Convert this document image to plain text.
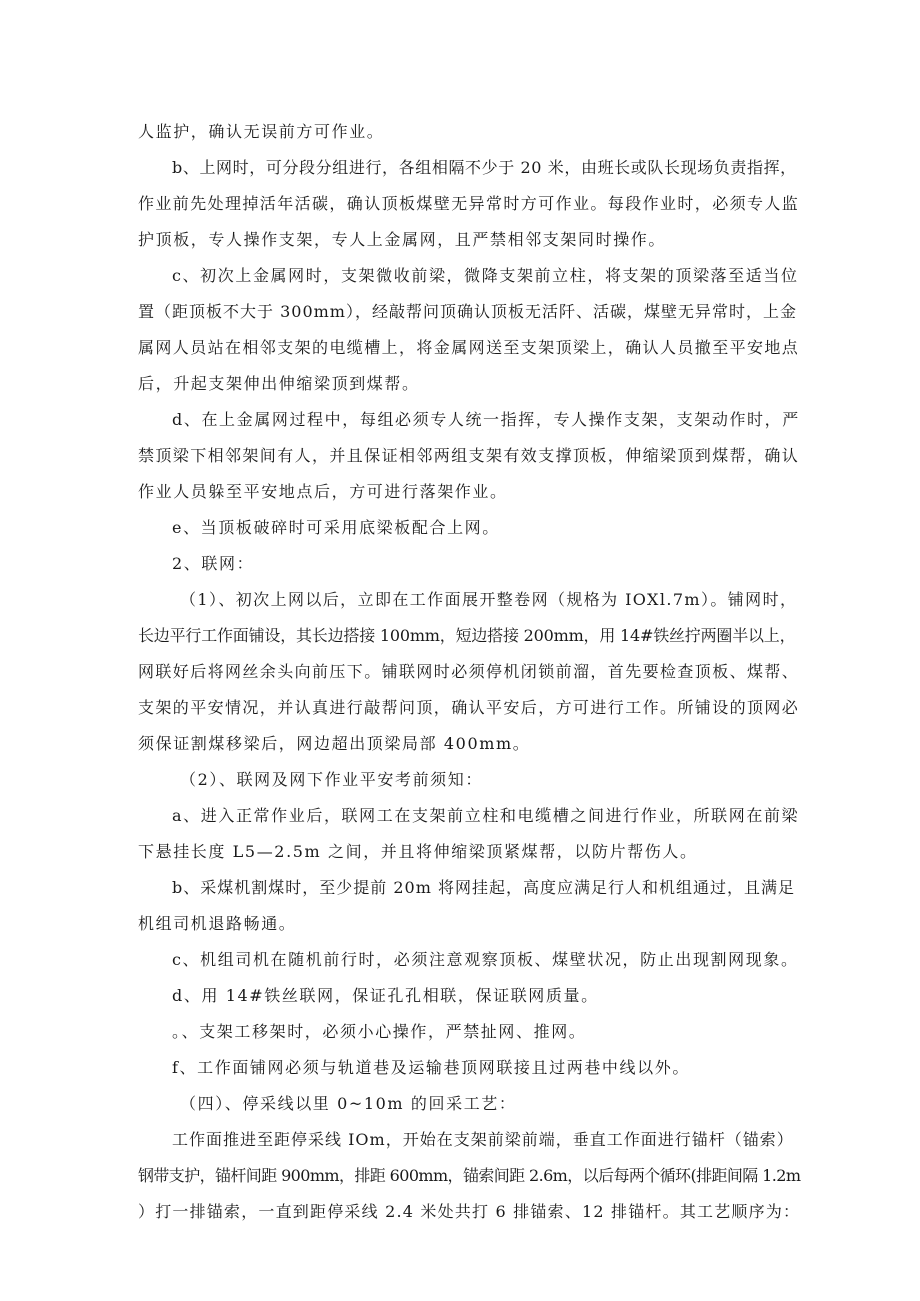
人监护，确认无误前方可作业。
b、上网时，可分段分组进行，各组相隔不少于 20 米，由班长或队长现场负责指挥，
作业前先处理掉活年活碳，确认顶板煤壁无异常时方可作业。每段作业时，必须专人监
护顶板，专人操作支架，专人上金属网，且严禁相邻支架同时操作。
c、初次上金属网时，支架微收前梁，微降支架前立柱，将支架的顶梁落至适当位
置（距顶板不大于 300mm），经敲帮问顶确认顶板无活阡、活碳，煤壁无异常时，上金
属网人员站在相邻支架的电缆槽上，将金属网送至支架顶梁上，确认人员撤至平安地点
后，升起支架伸出伸缩梁顶到煤帮。
d、在上金属网过程中，每组必须专人统一指挥，专人操作支架，支架动作时，严
禁顶梁下相邻架间有人，并且保证相邻两组支架有效支撑顶板，伸缩梁顶到煤帮，确认
作业人员躲至平安地点后，方可进行落架作业。
e、当顶板破碎时可采用底梁板配合上网。
2、联网：
（1）、初次上网以后，立即在工作面展开整卷网（规格为 IOXl.7m）。铺网时，
长边平行工作面铺设，其长边搭接 100mm，短边搭接 200mm，用 14#铁丝拧两圈半以上，
网联好后将网丝余头向前压下。铺联网时必须停机闭锁前溜，首先要检查顶板、煤帮、
支架的平安情况，并认真进行敲帮问顶，确认平安后，方可进行工作。所铺设的顶网必
须保证割煤移梁后，网边超出顶梁局部 400mm。
（2）、联网及网下作业平安考前须知：
a、进入正常作业后，联网工在支架前立柱和电缆槽之间进行作业，所联网在前梁
下悬挂长度 L5—2.5m 之间，并且将伸缩梁顶紧煤帮，以防片帮伤人。
b、采煤机割煤时，至少提前 20m 将网挂起，高度应满足行人和机组通过，且满足
机组司机退路畅通。
c、机组司机在随机前行时，必须注意观察顶板、煤壁状况，防止出现割网现象。
d、用 14#铁丝联网，保证孔孔相联，保证联网质量。
。、支架工移架时，必须小心操作，严禁扯网、推网。
f、工作面铺网必须与轨道巷及运输巷顶网联接且过两巷中线以外。
（四）、停采线以里 0~10m 的回采工艺：
工作面推进至距停采线 IOm，开始在支架前梁前端，垂直工作面进行锚杆（锚索）
钢带支护，锚杆间距 900mm，排距 600mm，锚索间距 2.6m，以后每两个循环(排距间隔 1.2m
）打一排锚索，一直到距停采线 2.4 米处共打 6 排锚索、12 排锚杆。其工艺顺序为：
